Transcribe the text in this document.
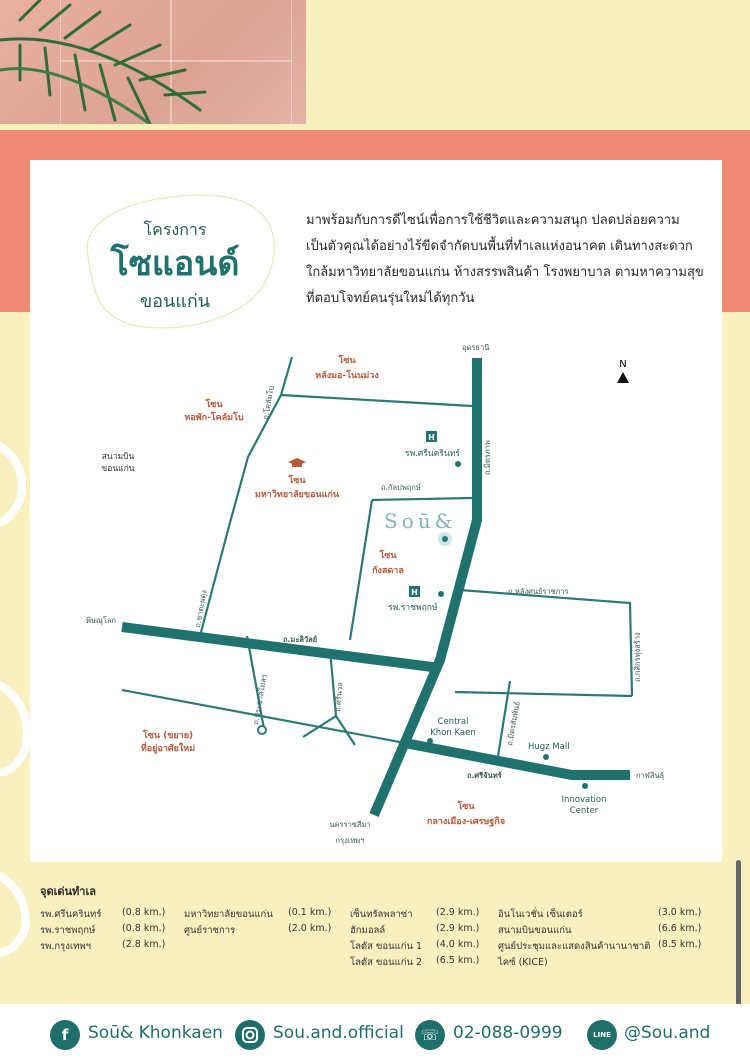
โครงการ
โซแอนด์
ขอนแก่น
มาพร้อมกับการดีไซน์เพื่อการใช้ชีวิตและความสนุก ปลดปล่อยความ
เป็นตัวคุณได้อย่างไร้ขีดจำกัดบนพื้นที่ทำเลแห่งอนาคต เดินทางสะดวก
ใกล้มหาวิทยาลัยขอนแก่น ห้างสรรพสินค้า โรงพยาบาล ตามหาความสุข
ที่ตอบโจทย์คนรุ่นใหม่ได้ทุกวัน
N
H
H
Soū&
โซน
หลังมอ-โนนม่วง
โซน
หอพัก-โคลัมโบ
โซน
มหาวิทยาลัยขอนแก่น
โซน
กังสดาล
โซน (ขยาย)
ที่อยู่อาศัยใหม่
โซน
กลางเมือง-เศรษฐกิจ
สนามบิน
ขอนแก่น
รพ.ศรีนครินทร์
รพ.ราชพฤกษ์
Central
Khon Kaen
Hugz Mall
Innovation
Center
พิษณุโลก
กาฬสินธุ์
อุดรธานี
นครราชสีมา
กรุงเทพฯ
ถ.กัลปพฤกษ์
ถ.หลังศูนย์ราชการ
ถ.มะลิวัลย์
ถ.ศรีจันทร์
ถ.มิตรภาพ
ถ.โคลัมโบ
ถ.ชาตะผดุง
ถ.กสิกรทุ่งสร้าง
ถ.ประชาสโมสร	ถ.ศรีนวล
ถ.มิตรสัมพันธ์
จุดเด่นทำเล
รพ.ศรีนครินทร์ (0.8 km.)
รพ.ราชพฤกษ์	(0.8 km.)
รพ.กรุงเทพฯ	(2.8 km.)
มหาวิทยาลัยขอนแก่น (0.1 km.)
ศูนย์ราชการ	(2.0 km.)
เซ็นทรัลพลาซ่า (2.9 km.)
ฮักมอลล์	(2.9 km.)
โลตัส ขอนแก่น 1 (4.0 km.)
โลตัส ขอนแก่น 2 (6.5 km.)
อินโนเวชั่น เซ็นเตอร์	(3.0 km.)
สนามบินขอนแก่น	(6.6 km.)
ศูนย์ประชุมและแสดงสินค้านานาชาติ (8.5 km.)
ไคซ์ (KICE)
f	Soū& Khonkaen	Sou.and.official	☏ 02-088-0999	LINE @Sou.and
